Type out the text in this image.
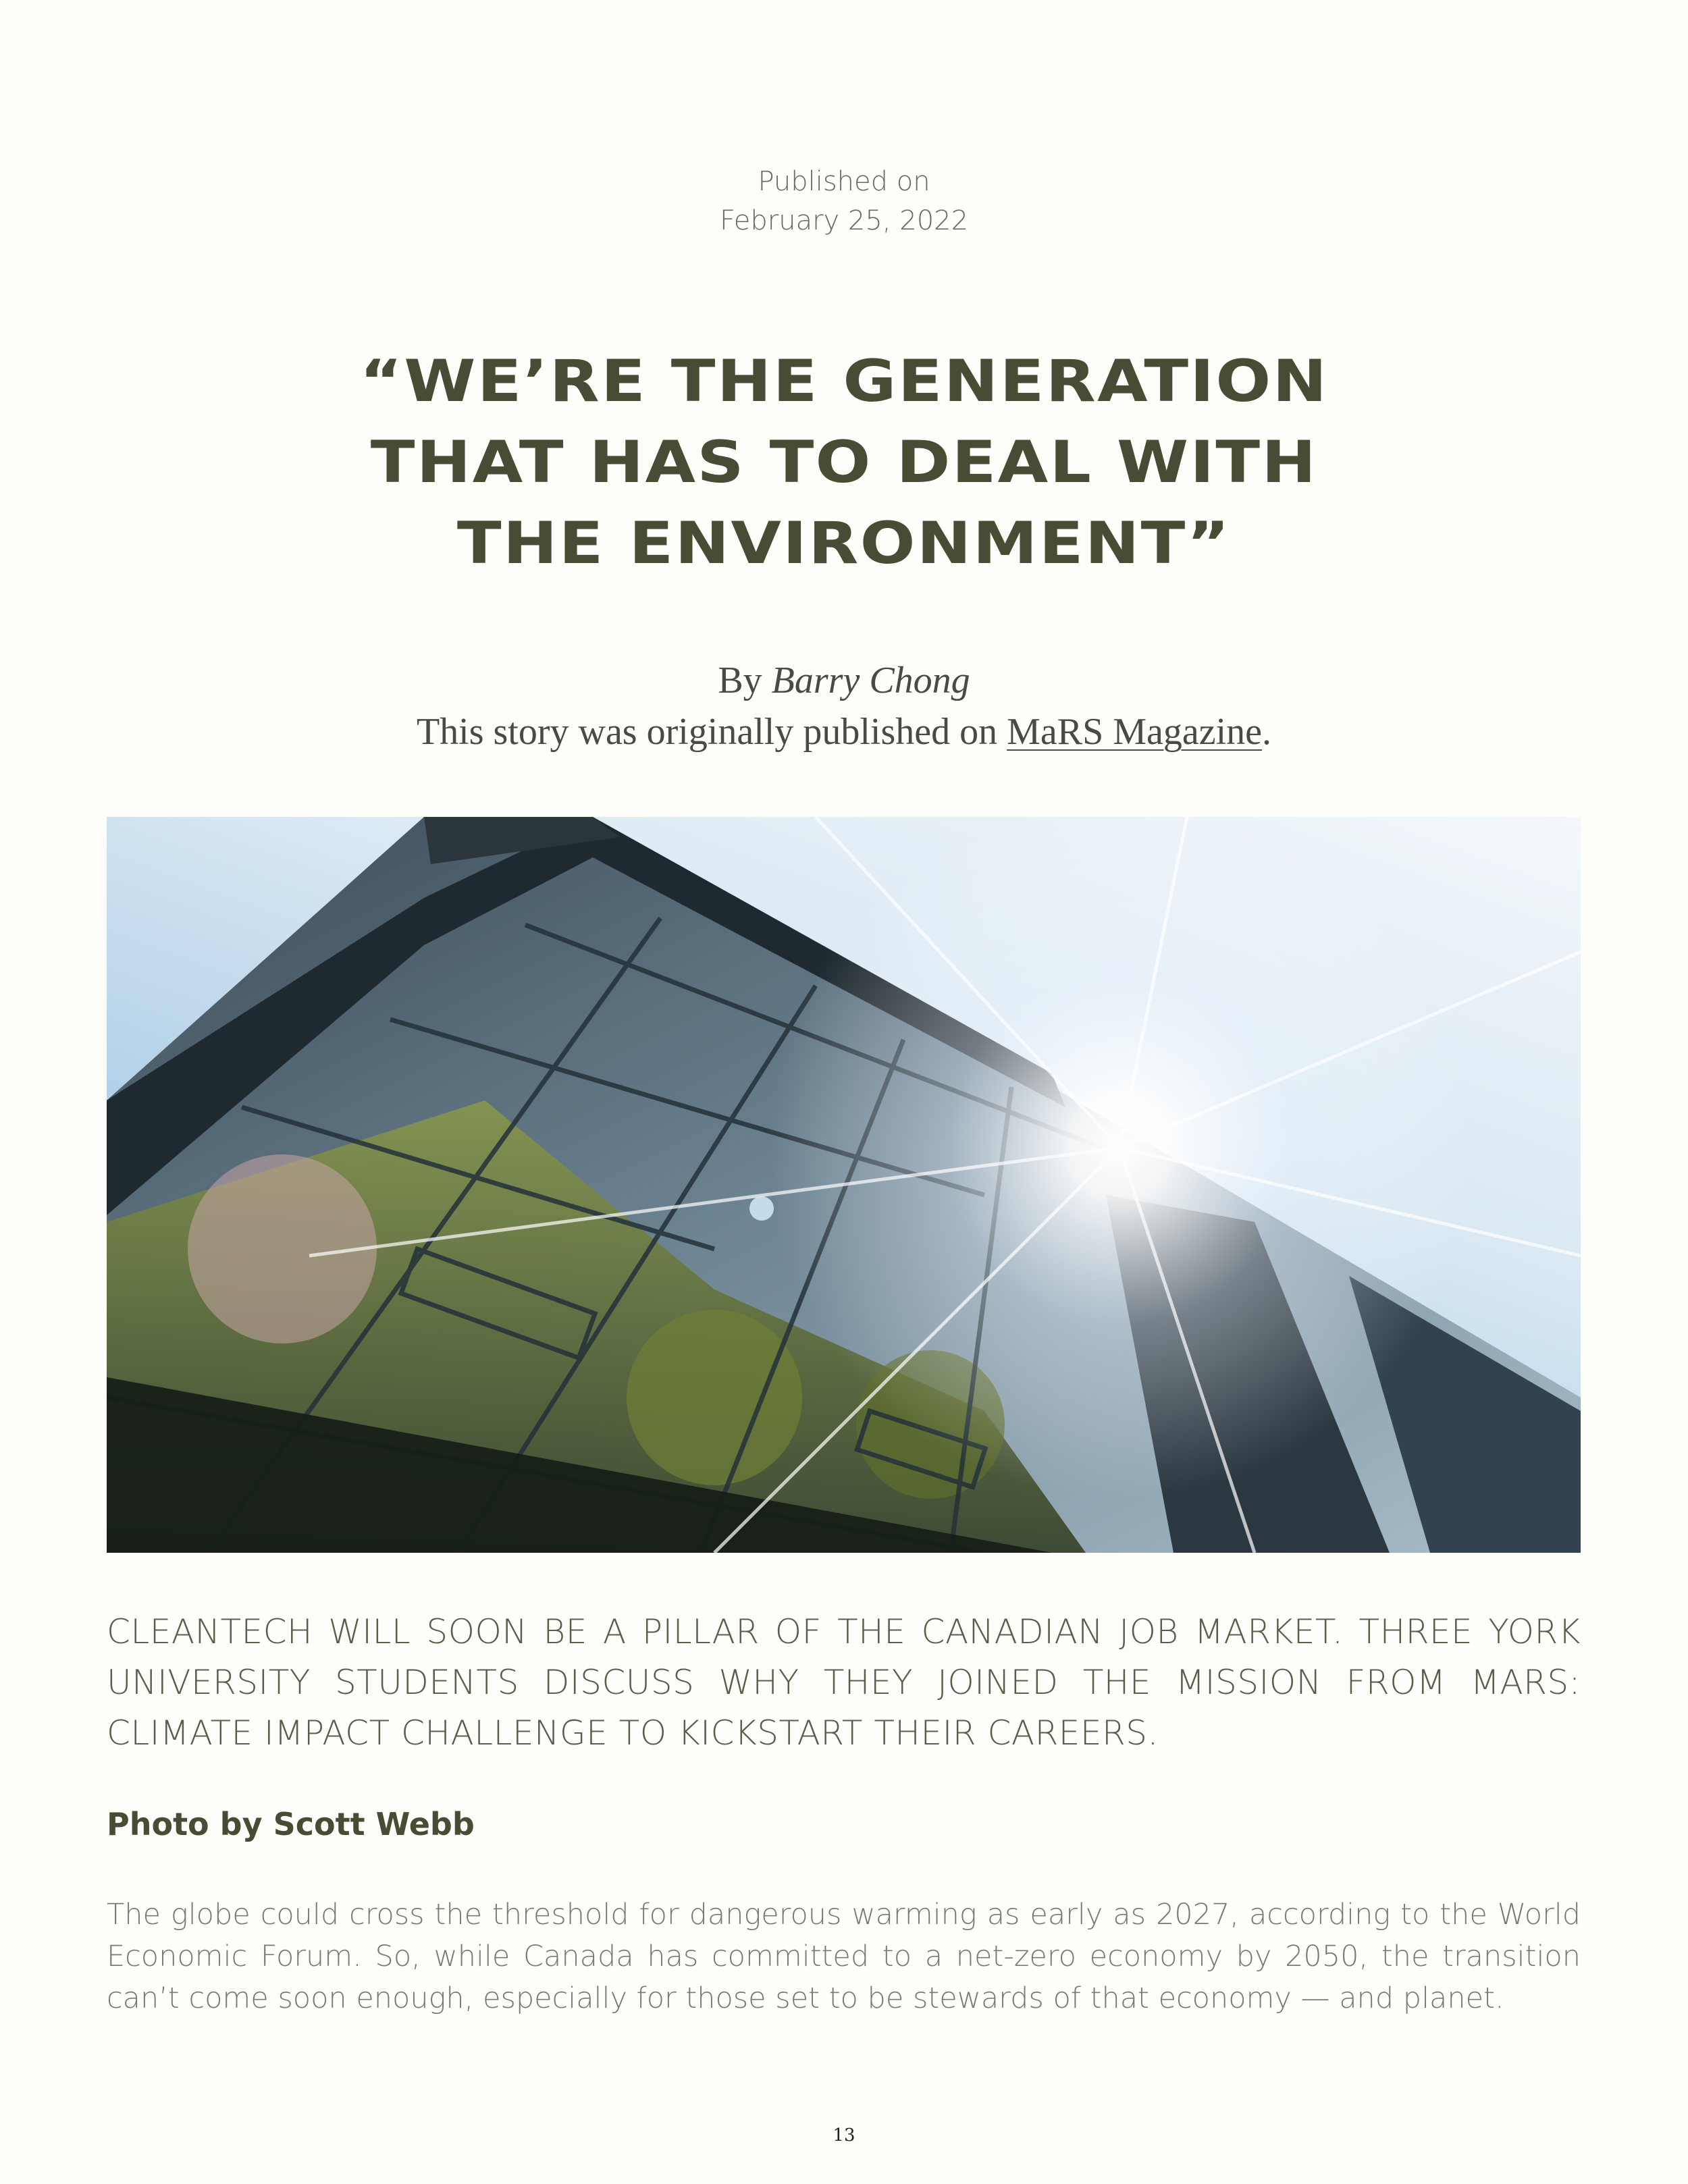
Published on
February 25, 2022
“WE’RE THE GENERATION
THAT HAS TO DEAL WITH
THE ENVIRONMENT”
By Barry Chong
This story was originally published on MaRS Magazine.
CLEANTECH WILL SOON BE A PILLAR OF THE CANADIAN JOB MARKET. THREE YORK UNIVERSITY STUDENTS DISCUSS WHY THEY JOINED THE MISSION FROM MARS: CLIMATE IMPACT CHALLENGE TO KICKSTART THEIR CAREERS.
Photo by Scott Webb

The globe could cross the threshold for dangerous warming as early as 2027, according to the World Economic Forum. So, while Canada has committed to a net-zero economy by 2050, the transition can’t come soon enough, especially for those set to be stewards of that economy — and planet.

13
